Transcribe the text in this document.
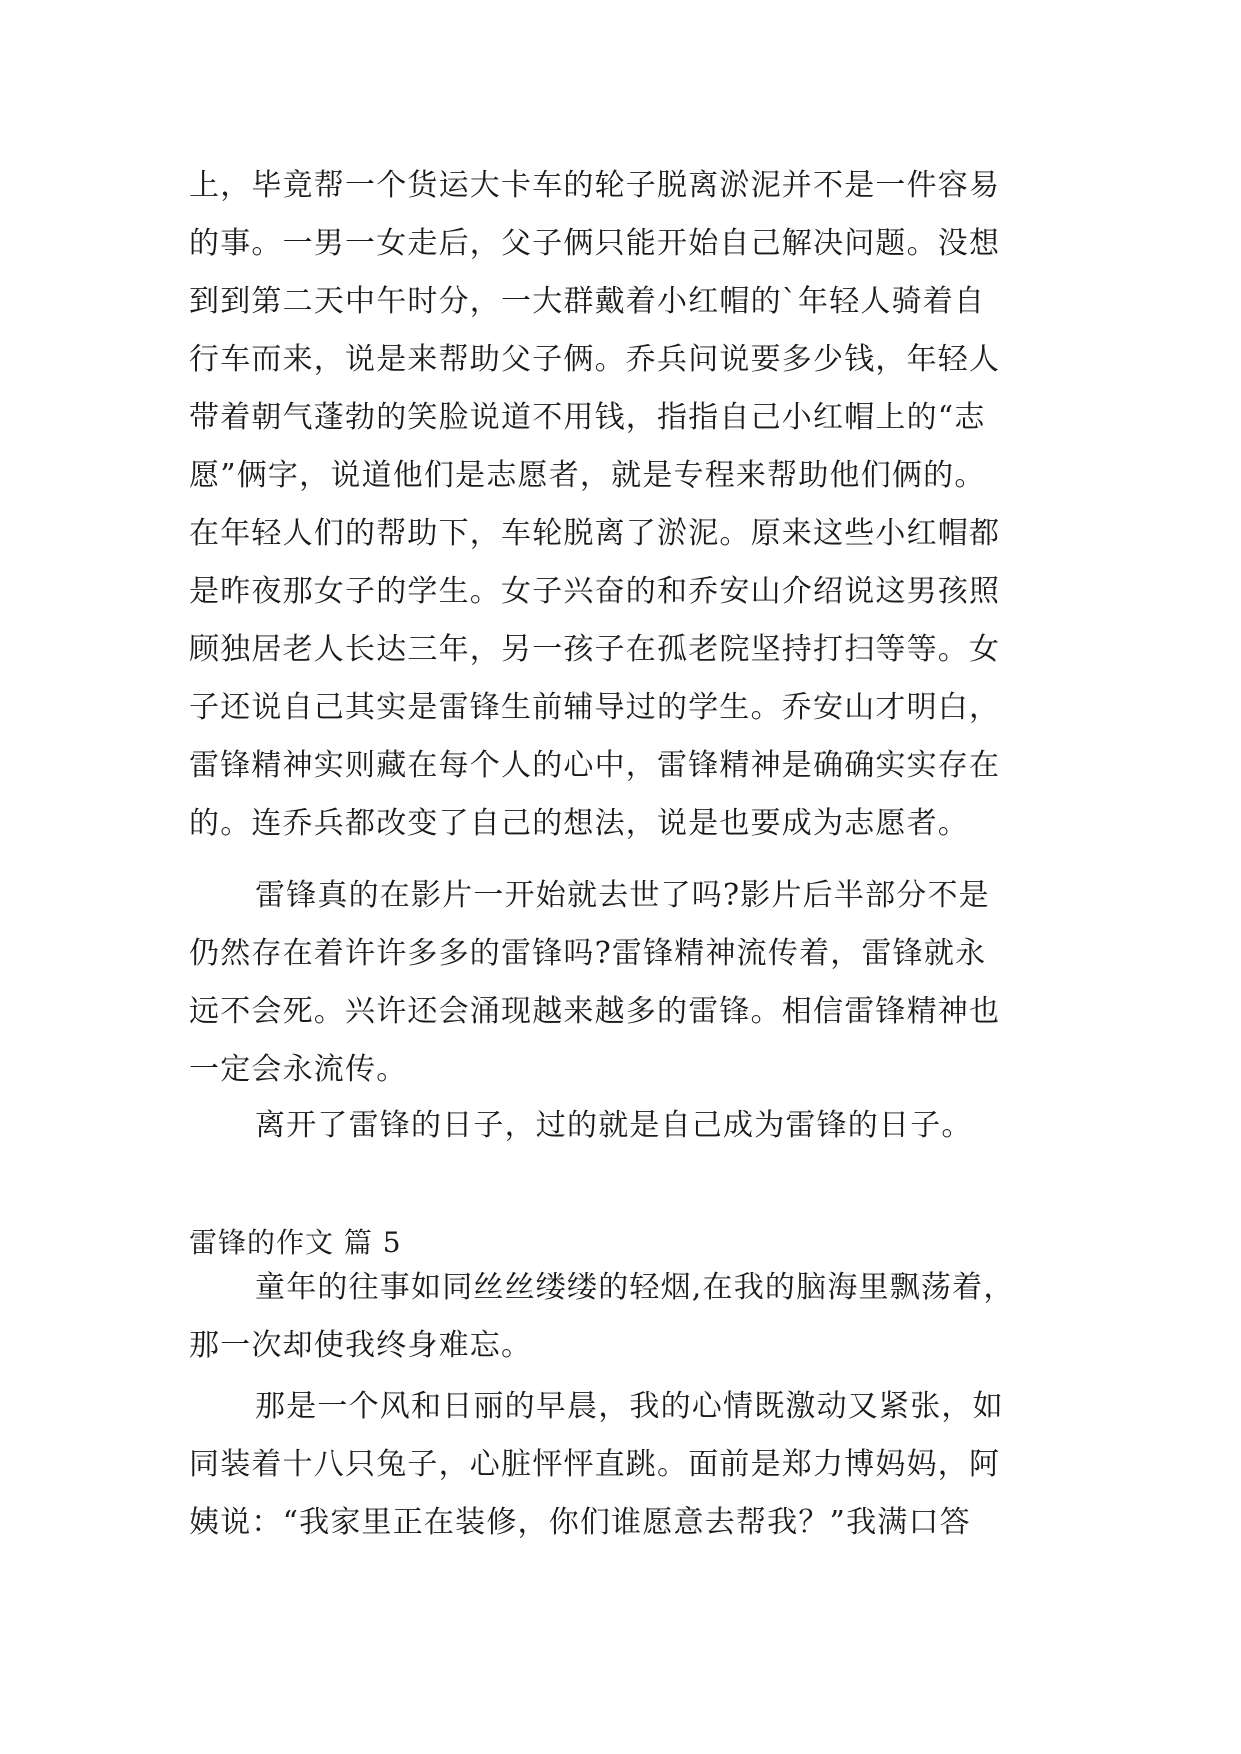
上，毕竟帮一个货运大卡车的轮子脱离淤泥并不是一件容易
的事。一男一女走后，父子俩只能开始自己解决问题。没想
到到第二天中午时分，一大群戴着小红帽的`年轻人骑着自
行车而来，说是来帮助父子俩。乔兵问说要多少钱，年轻人
带着朝气蓬勃的笑脸说道不用钱，指指自己小红帽上的“志
愿”俩字，说道他们是志愿者，就是专程来帮助他们俩的。
在年轻人们的帮助下，车轮脱离了淤泥。原来这些小红帽都
是昨夜那女子的学生。女子兴奋的和乔安山介绍说这男孩照
顾独居老人长达三年，另一孩子在孤老院坚持打扫等等。女
子还说自己其实是雷锋生前辅导过的学生。乔安山才明白，
雷锋精神实则藏在每个人的心中，雷锋精神是确确实实存在
的。连乔兵都改变了自己的想法，说是也要成为志愿者。
雷锋真的在影片一开始就去世了吗?影片后半部分不是
仍然存在着许许多多的雷锋吗?雷锋精神流传着，雷锋就永
远不会死。兴许还会涌现越来越多的雷锋。相信雷锋精神也
一定会永流传。
离开了雷锋的日子，过的就是自己成为雷锋的日子。
雷锋的作文 篇 5
童年的往事如同丝丝缕缕的轻烟,在我的脑海里飘荡着，
那一次却使我终身难忘。
那是一个风和日丽的早晨，我的心情既激动又紧张，如
同装着十八只兔子，心脏怦怦直跳。面前是郑力博妈妈，阿
姨说：“我家里正在装修，你们谁愿意去帮我？”我满口答
